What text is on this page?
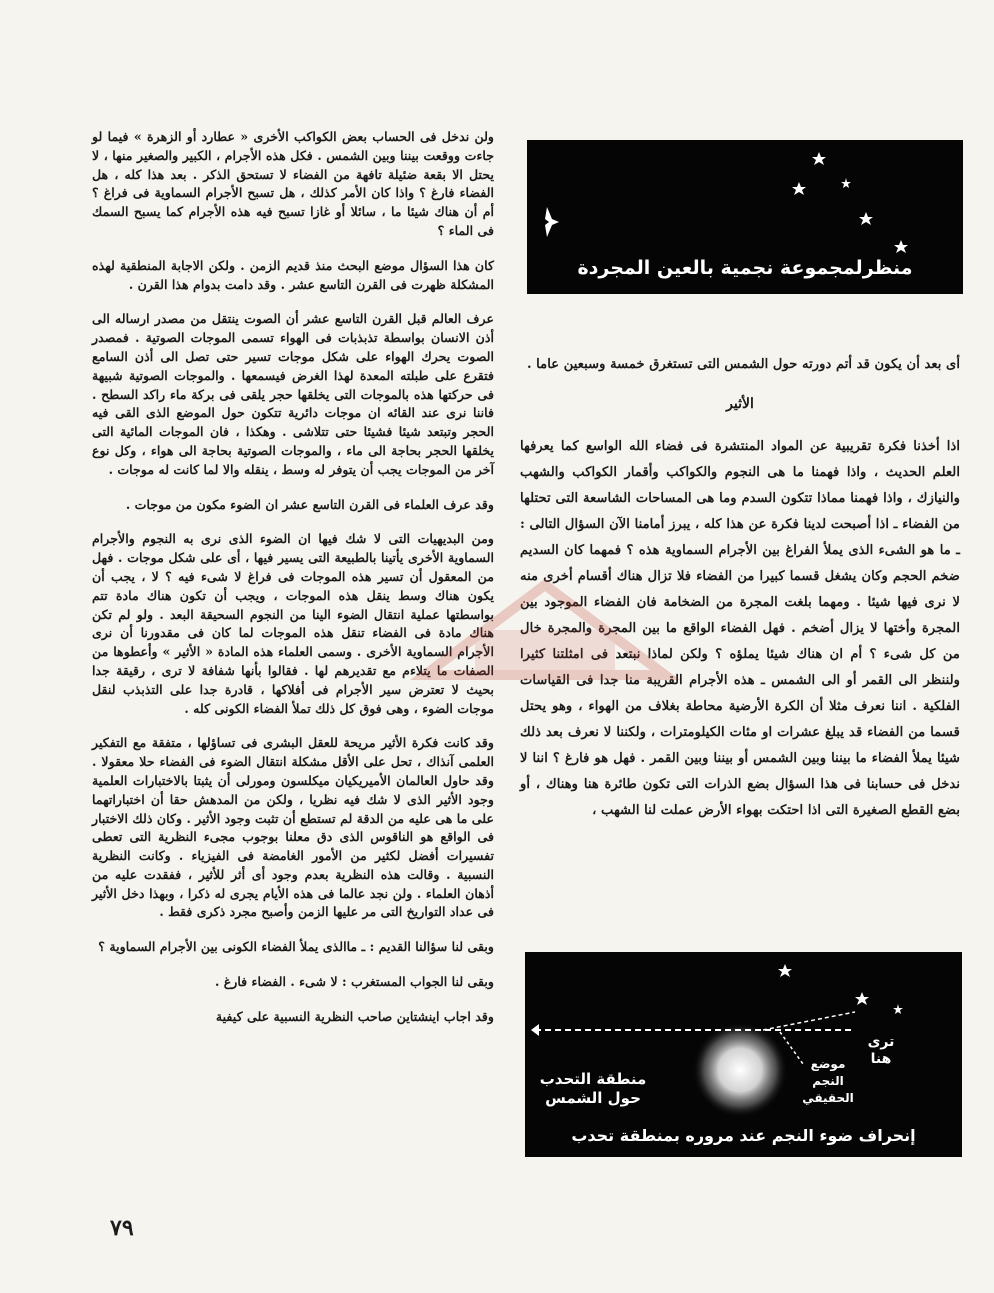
منظرلمجموعة نجمية بالعين المجردة

أى بعد أن يكون قد أتم دورته حول الشمس التى تستغرق خمسة وسبعين عاما .

الأثير

اذا أخذنا فكرة تقريبية عن المواد المنتشرة فى فضاء الله الواسع كما يعرفها العلم الحديث ، واذا فهمنا ما هى النجوم والكواكب وأقمار الكواكب والشهب والنيازك ، واذا فهمنا مماذا تتكون السدم وما هى المساحات الشاسعة التى تحتلها من الفضاء ـ اذا أصبحت لدينا فكرة عن هذا كله ، يبرز أمامنا الآن السؤال التالى : ـ ما هو الشىء الذى يملأ الفراغ بين الأجرام السماوية هذه ؟ فمهما كان السديم ضخم الحجم وكان يشغل قسما كبيرا من الفضاء فلا تزال هناك أقسام أخرى منه لا نرى فيها شيئا . ومهما بلغت المجرة من الضخامة فان الفضاء الموجود بين المجرة وأختها لا يزال أضخم . فهل الفضاء الواقع ما بين المجرة والمجرة خال من كل شىء ؟ أم ان هناك شيئا يملؤه ؟ ولكن لماذا نبتعد فى امثلتنا كثيرا ولننظر الى القمر أو الى الشمس ـ هذه الأجرام القريبة منا جدا فى القياسات الفلكية . اننا نعرف مثلا أن الكرة الأرضية محاطة بغلاف من الهواء ، وهو يحتل قسما من الفضاء قد يبلغ عشرات او مئات الكيلومترات ، ولكننا لا نعرف بعد ذلك شيئا يملأ الفضاء ما بيننا وبين الشمس أو بيننا وبين القمر . فهل هو فارغ ؟ اننا لا ندخل فى حسابنا فى هذا السؤال بضع الذرات التى تكون طائرة هنا وهناك ، أو بضع القطع الصغيرة التى اذا احتكت بهواء الأرض عملت لنا الشهب ،

ولن ندخل فى الحساب بعض الكواكب الأخرى « عطارد أو الزهرة » فيما لو جاءت ووقعت بيننا وبين الشمس . فكل هذه الأجرام ، الكبير والصغير منها ، لا يحتل الا بقعة ضئيلة تافهة من الفضاء لا تستحق الذكر . بعد هذا كله ، هل الفضاء فارغ ؟ واذا كان الأمر كذلك ، هل تسبح الأجرام السماوية فى فراغ ؟ أم أن هناك شيئا ما ، سائلا أو غازا تسبح فيه هذه الأجرام كما يسبح السمك فى الماء ؟

كان هذا السؤال موضع البحث منذ قديم الزمن . ولكن الاجابة المنطقية لهذه المشكلة ظهرت فى القرن التاسع عشر . وقد دامت بدوام هذا القرن .

عرف العالم قبل القرن التاسع عشر أن الصوت ينتقل من مصدر ارساله الى أذن الانسان بواسطة تذبذبات فى الهواء تسمى الموجات الصوتية . فمصدر الصوت يحرك الهواء على شكل موجات تسير حتى تصل الى أذن السامع فتقرع على طبلته المعدة لهذا الغرض فيسمعها . والموجات الصوتية شبيهة فى حركتها هذه بالموجات التى يخلقها حجر يلقى فى بركة ماء راكد السطح . فاننا نرى عند القائه ان موجات دائرية تتكون حول الموضع الذى القى فيه الحجر وتبتعد شيئا فشيئا حتى تتلاشى . وهكذا ، فان الموجات المائية التى يخلقها الحجر بحاجة الى ماء ، والموجات الصوتية بحاجة الى هواء ، وكل نوع آخر من الموجات يجب أن يتوفر له وسط ، ينقله والا لما كانت له موجات .

وقد عرف العلماء فى القرن التاسع عشر ان الضوء مكون من موجات .

ومن البديهيات التى لا شك فيها ان الضوء الذى نرى به النجوم والأجرام السماوية الأخرى يأتينا بالطبيعة التى يسير فيها ، أى على شكل موجات . فهل من المعقول أن تسير هذه الموجات فى فراغ لا شىء فيه ؟ لا ، يجب أن يكون هناك وسط ينقل هذه الموجات ، ويجب أن تكون هناك مادة تتم بواسطتها عملية انتقال الضوء الينا من النجوم السحيقة البعد . ولو لم تكن هناك مادة فى الفضاء تنقل هذه الموجات لما كان فى مقدورنا أن نرى الأجرام السماوية الأخرى . وسمى العلماء هذه المادة « الأثير » وأعطوها من الصفات ما يتلاءم مع تقديرهم لها . فقالوا بأنها شفافة لا ترى ، رقيقة جدا بحيث لا تعترض سير الأجرام فى أفلاكها ، قادرة جدا على التذبذب لنقل موجات الضوء ، وهى فوق كل ذلك تملأ الفضاء الكونى كله .

وقد كانت فكرة الأثير مريحة للعقل البشرى فى تساؤلها ، متفقة مع التفكير العلمى آنذاك ، تحل على الأقل مشكلة انتقال الضوء فى الفضاء حلا معقولا . وقد حاول العالمان الأميريكيان ميكلسون ومورلى أن يثبتا بالاختبارات العلمية وجود الأثير الذى لا شك فيه نظريا ، ولكن من المدهش حقا أن اختباراتهما على ما هى عليه من الدقة لم تستطع أن تثبت وجود الأثير . وكان ذلك الاختبار فى الواقع هو الناقوس الذى دق معلنا بوجوب مجىء النظرية التى تعطى تفسيرات أفضل لكثير من الأمور الغامضة فى الفيزياء . وكانت النظرية النسبية . وقالت هذه النظرية بعدم وجود أى أثر للأثير ، ففقدت عليه من أذهان العلماء . ولن نجد عالما فى هذه الأيام يجرى له ذكرا ، وبهذا دخل الأثير فى عداد التواريخ التى مر عليها الزمن وأصبح مجرد ذكرى فقط .

وبقى لنا سؤالنا القديم : ـ ماالذى يملأ الفضاء الكونى بين الأجرام السماوية ؟

وبقى لنا الجواب المستغرب : لا شىء . الفضاء فارغ .

وقد اجاب اينشتاين صاحب النظرية النسبية على كيفية

ترى هنا
موضع النجم الحقيقي
منطقة التحدب حول الشمس
إنحراف ضوء النجم عند مروره بمنطقة تحدب
٧٩
